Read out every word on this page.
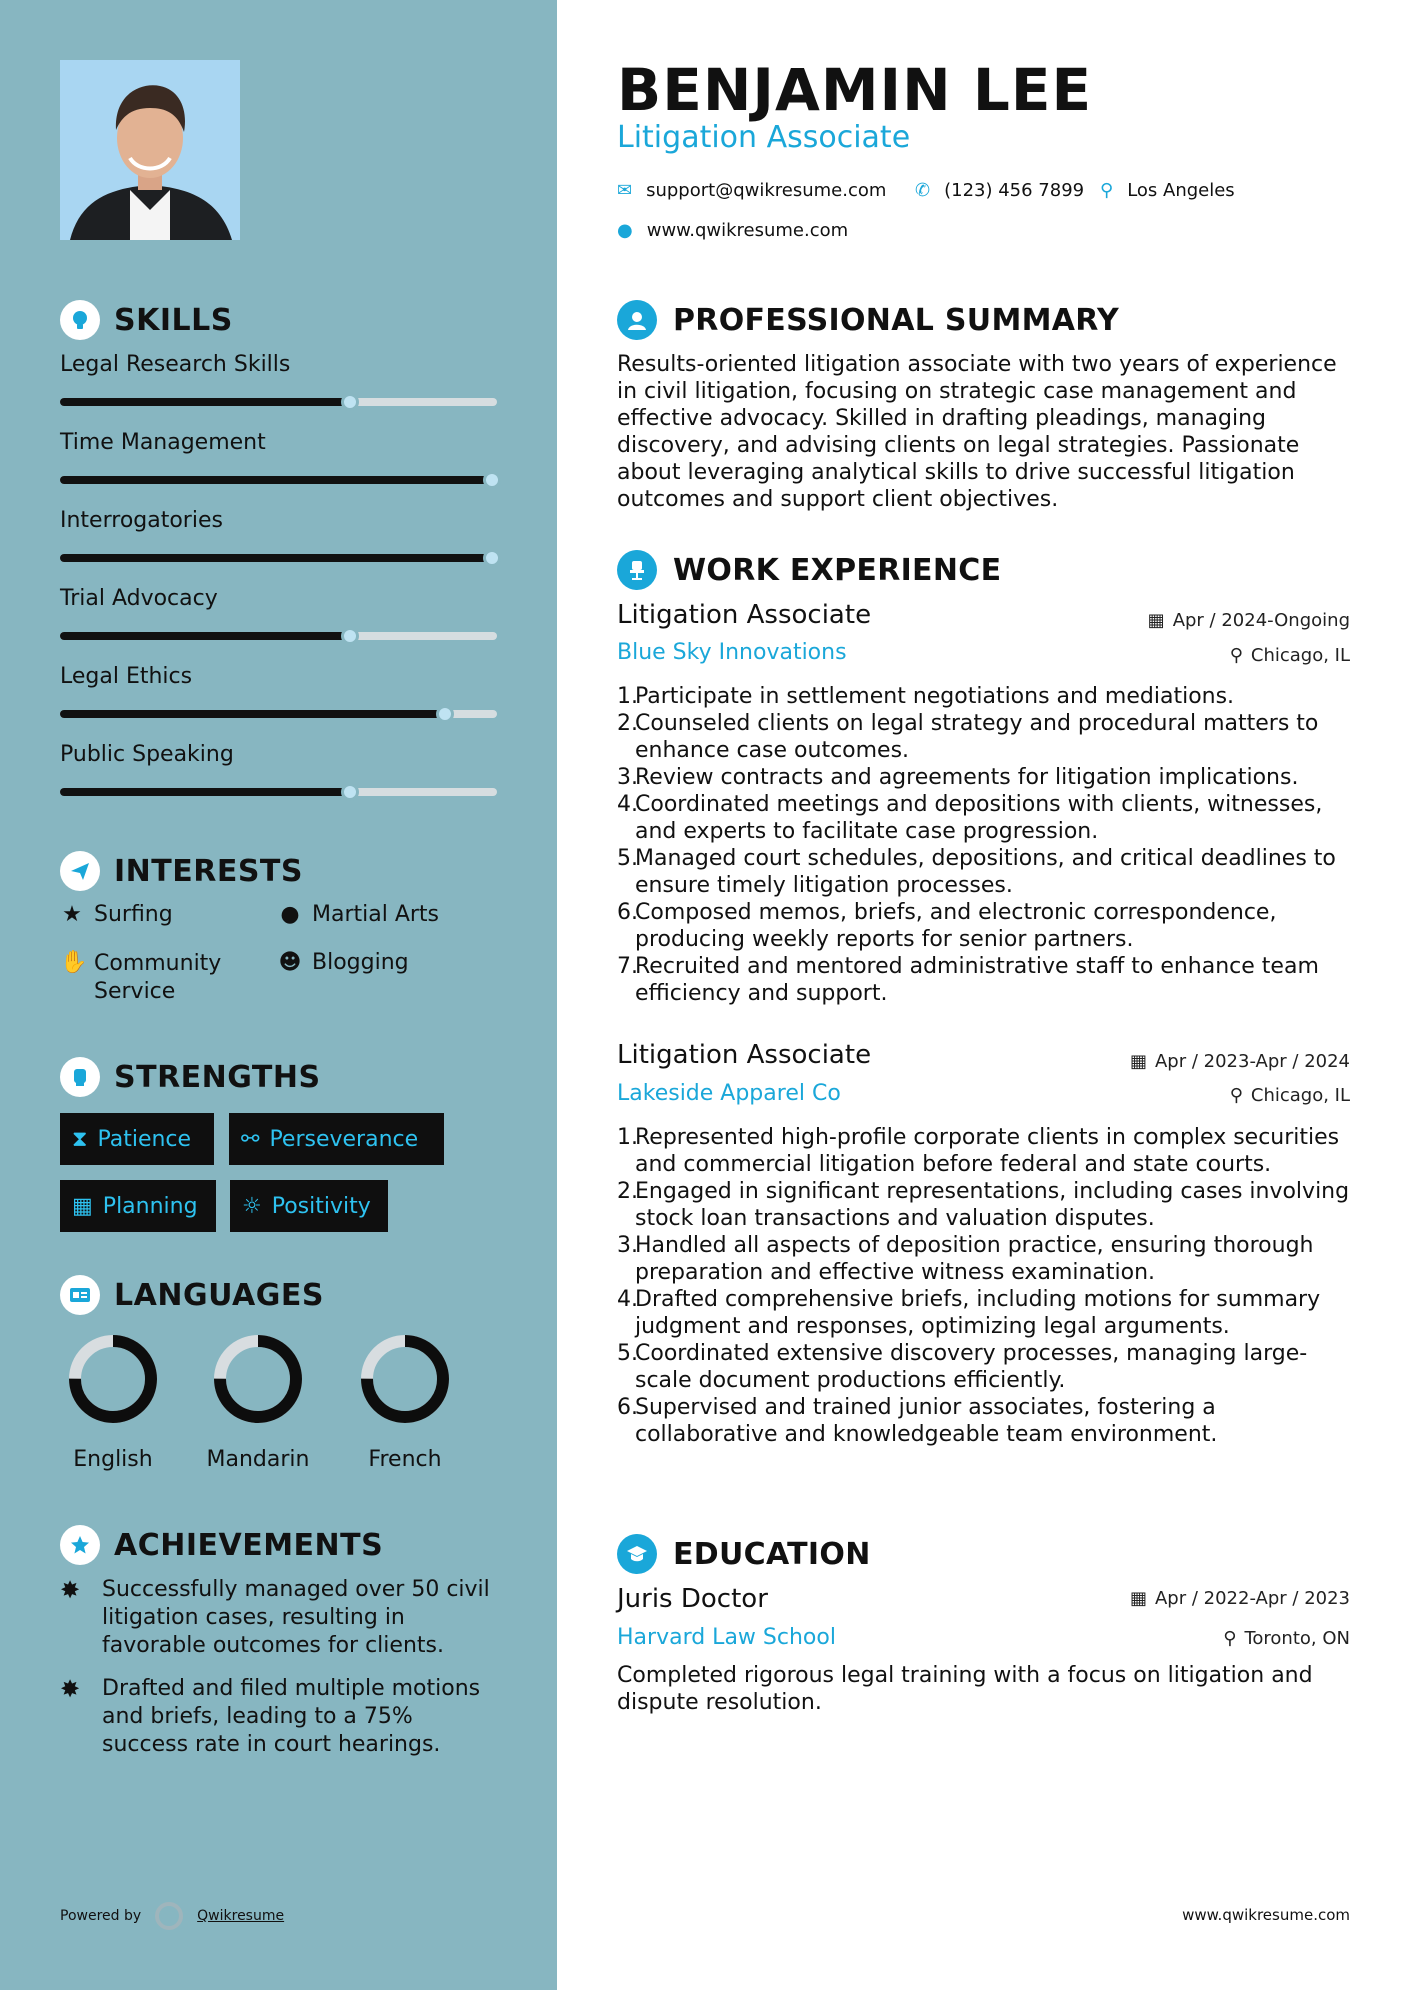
SKILLS
Legal Research Skills
Time Management
Interrogatories
Trial Advocacy
Legal Ethics
Public Speaking
INTERESTS
★ Surfing	● Martial Arts
✋ Community Service
☻ Blogging
STRENGTHS
⧗ Patience ⚯ Perseverance
▦ Planning ☼ Positivity
LANGUAGES
English	Mandarin	French
ACHIEVEMENTS
✸ Successfully managed over 50 civil litigation cases, resulting in favorable outcomes for clients.
✸ Drafted and filed multiple motions and briefs, leading to a 75% success rate in court hearings.
Powered by	Qwikresume
BENJAMIN LEE
Litigation Associate
✉ support@qwikresume.com ✆ (123) 456 7899 ⚲ Los Angeles
● www.qwikresume.com
PROFESSIONAL SUMMARY
Results-oriented litigation associate with two years of experience in civil litigation, focusing on strategic case management and effective advocacy. Skilled in drafting pleadings, managing discovery, and advising clients on legal strategies. Passionate about leveraging analytical skills to drive successful litigation outcomes and support client objectives.
WORK EXPERIENCE
Litigation Associate	▦ Apr / 2024-Ongoing
Blue Sky Innovations	⚲ Chicago, IL
1.
Participate in settlement negotiations and mediations.
2.
Counseled clients on legal strategy and procedural matters to enhance case outcomes.
3.
Review contracts and agreements for litigation implications.
4.
Coordinated meetings and depositions with clients, witnesses, and experts to facilitate case progression.
5.
Managed court schedules, depositions, and critical deadlines to ensure timely litigation processes.
6.
Composed memos, briefs, and electronic correspondence, producing weekly reports for senior partners.
7.
Recruited and mentored administrative staff to enhance team efficiency and support.
Litigation Associate	▦ Apr / 2023-Apr / 2024
Lakeside Apparel Co	⚲ Chicago, IL
1.
Represented high-profile corporate clients in complex securities and commercial litigation before federal and state courts.
2.
Engaged in significant representations, including cases involving stock loan transactions and valuation disputes.
3.
Handled all aspects of deposition practice, ensuring thorough preparation and effective witness examination.
4.
Drafted comprehensive briefs, including motions for summary judgment and responses, optimizing legal arguments.
5.
Coordinated extensive discovery processes, managing large-scale document productions efficiently.
6.
Supervised and trained junior associates, fostering a collaborative and knowledgeable team environment.
EDUCATION
Juris Doctor	▦ Apr / 2022-Apr / 2023
Harvard Law School	⚲ Toronto, ON
Completed rigorous legal training with a focus on litigation and dispute resolution.
www.qwikresume.com
